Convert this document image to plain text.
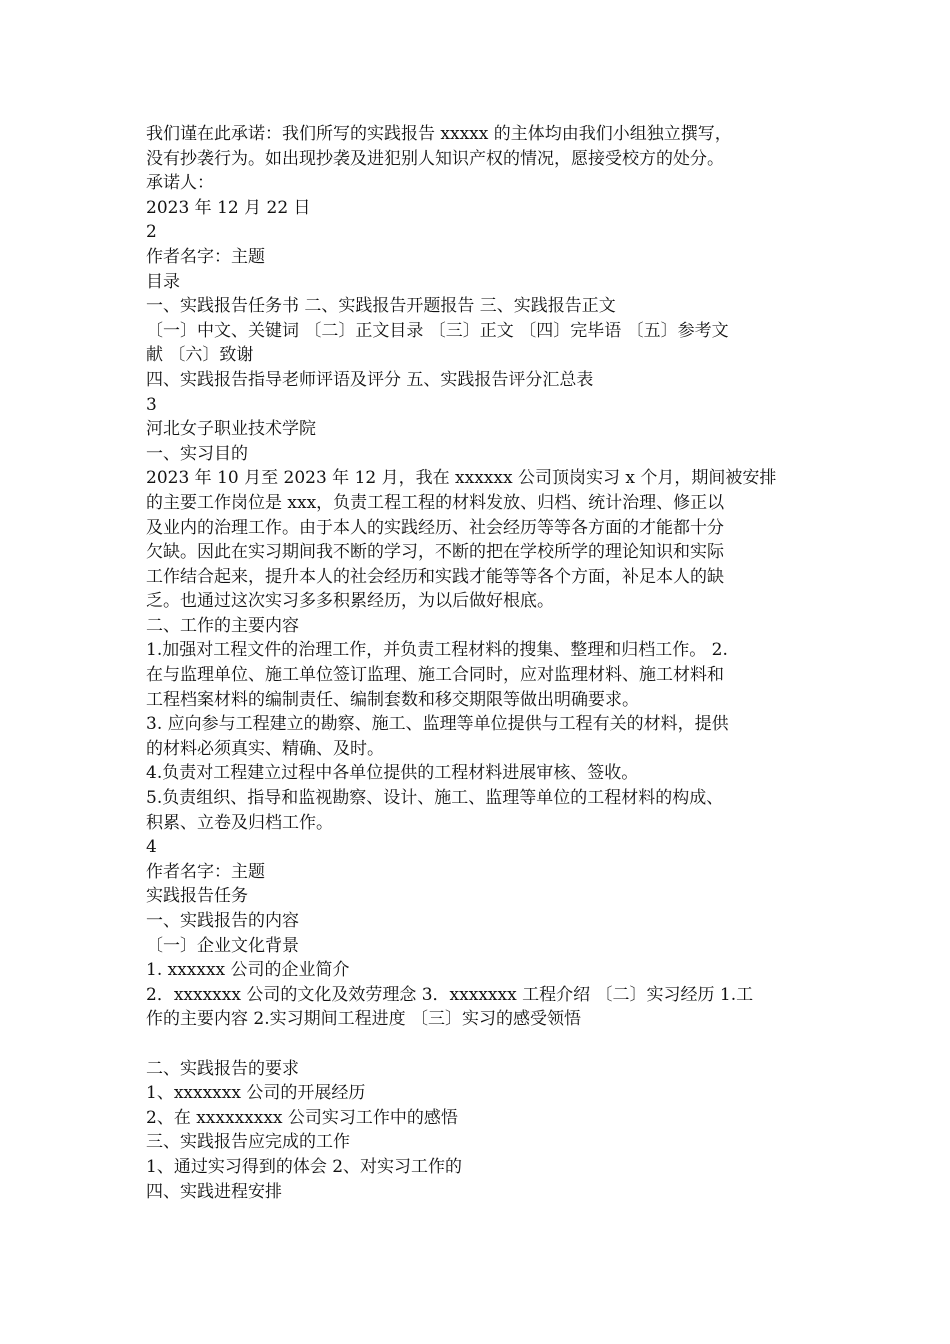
我们谨在此承诺：我们所写的实践报告 xxxxx 的主体均由我们小组独立撰写，
没有抄袭行为。如出现抄袭及进犯别人知识产权的情况，愿接受校方的处分。
承诺人：
2023 年 12 月 22 日
2
作者名字：主题
目录
一、实践报告任务书 二、实践报告开题报告 三、实践报告正文
〔一〕中文、关键词 〔二〕正文目录 〔三〕正文 〔四〕完毕语 〔五〕参考文
献 〔六〕致谢
四、实践报告指导老师评语及评分 五、实践报告评分汇总表
3
河北女子职业技术学院
一、实习目的
2023 年 10 月至 2023 年 12 月，我在 xxxxxx 公司顶岗实习 x 个月，期间被安排
的主要工作岗位是 xxx，负责工程工程的材料发放、归档、统计治理、修正以
及业内的治理工作。由于本人的实践经历、社会经历等等各方面的才能都十分
欠缺。因此在实习期间我不断的学习，不断的把在学校所学的理论知识和实际
工作结合起来，提升本人的社会经历和实践才能等等各个方面，补足本人的缺
乏。也通过这次实习多多积累经历，为以后做好根底。
二、工作的主要内容
1.加强对工程文件的治理工作，并负责工程材料的搜集、整理和归档工作。 2.
在与监理单位、施工单位签订监理、施工合同时，应对监理材料、施工材料和
工程档案材料的编制责任、编制套数和移交期限等做出明确要求。
3. 应向参与工程建立的勘察、施工、监理等单位提供与工程有关的材料，提供
的材料必须真实、精确、及时。
4.负责对工程建立过程中各单位提供的工程材料进展审核、签收。
5.负责组织、指导和监视勘察、设计、施工、监理等单位的工程材料的构成、
积累、立卷及归档工作。
4
作者名字：主题
实践报告任务
一、实践报告的内容
〔一〕企业文化背景
1. xxxxxx 公司的企业简介
2．xxxxxxx 公司的文化及效劳理念 3．xxxxxxx 工程介绍 〔二〕实习经历 1.工
作的主要内容 2.实习期间工程进度 〔三〕实习的感受领悟
二、实践报告的要求
1、xxxxxxx 公司的开展经历
2、在 xxxxxxxxx 公司实习工作中的感悟
三、实践报告应完成的工作
1、通过实习得到的体会 2、对实习工作的
四、实践进程安排
